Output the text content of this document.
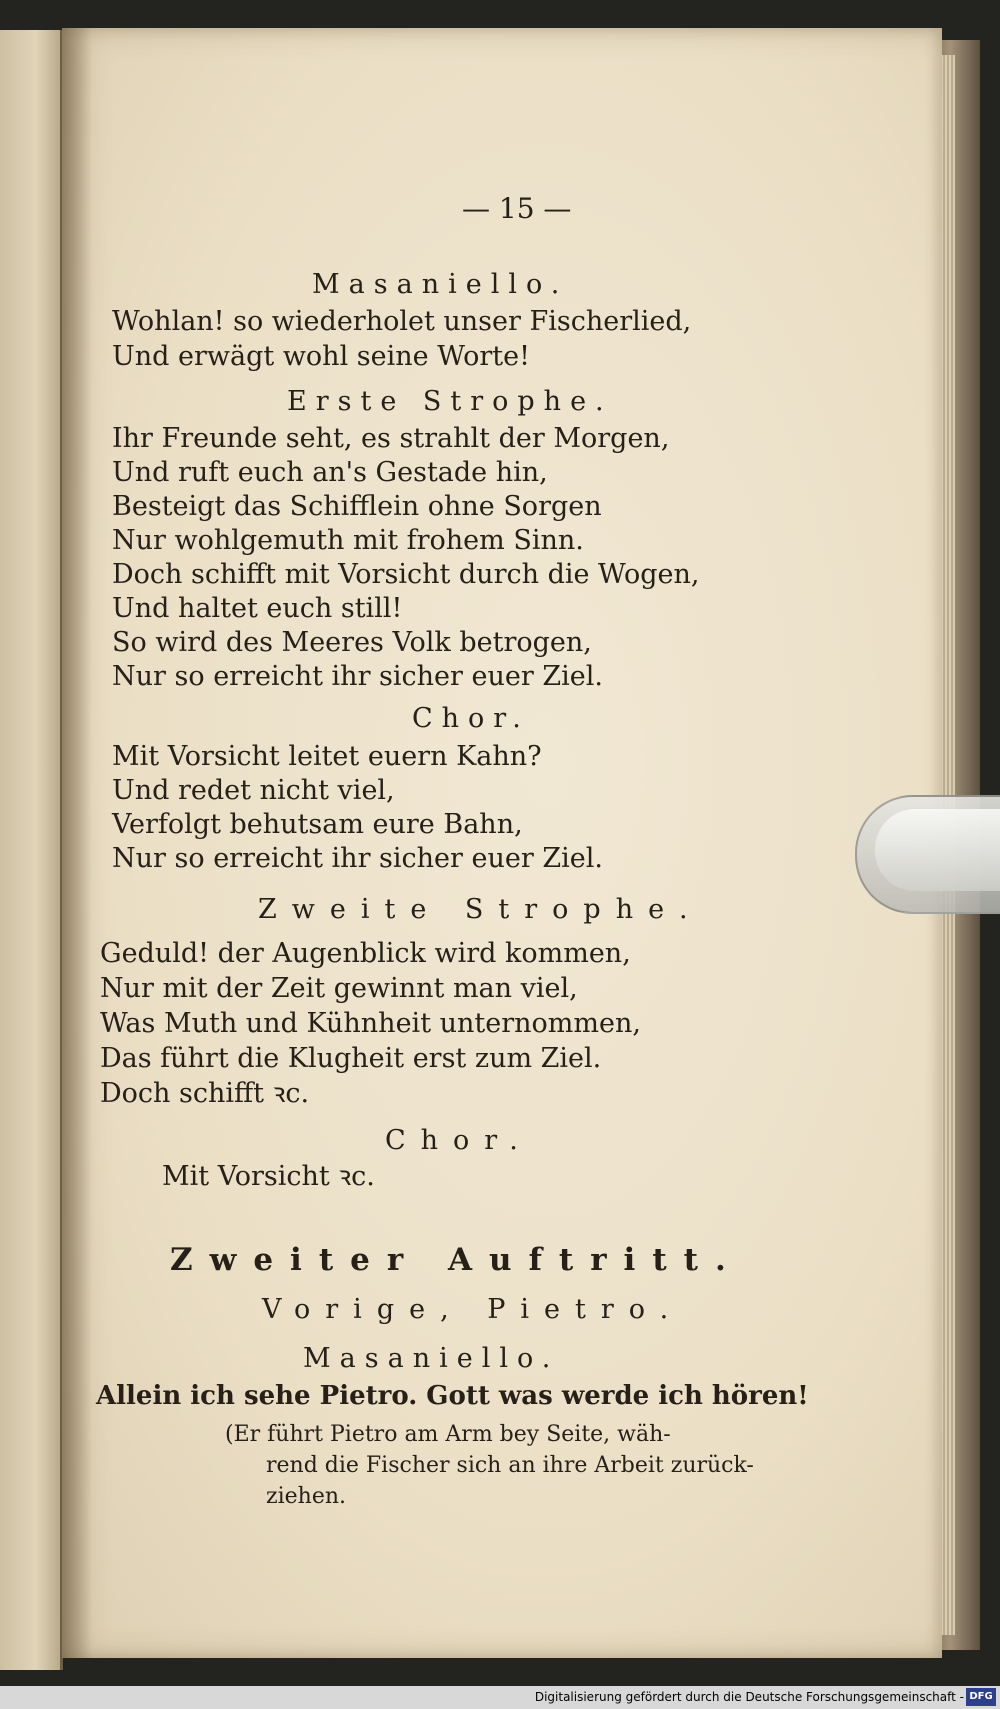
— 15 —
Masaniello.
Wohlan! so wiederholet unser Fischerlied,
Und erwägt wohl seine Worte!
Erste Strophe.
Ihr Freunde seht, es strahlt der Morgen,
Und ruft euch an's Gestade hin,
Besteigt das Schifflein ohne Sorgen
Nur wohlgemuth mit frohem Sinn.
Doch schifft mit Vorsicht durch die Wogen,
Und haltet euch still!
So wird des Meeres Volk betrogen,
Nur so erreicht ihr sicher euer Ziel.
Chor.
Mit Vorsicht leitet euern Kahn?
Und redet nicht viel,
Verfolgt behutsam eure Bahn,
Nur so erreicht ihr sicher euer Ziel.
Zweite Strophe.
Geduld! der Augenblick wird kommen,
Nur mit der Zeit gewinnt man viel,
Was Muth und Kühnheit unternommen,
Das führt die Klugheit erst zum Ziel.
Doch schifft ꝛc.
Chor.
Mit Vorsicht ꝛc.
Zweiter Auftritt.
Vorige, Pietro.
Masaniello.
Allein ich sehe Pietro. Gott was werde ich hören!
(Er führt Pietro am Arm bey Seite, wäh-
rend die Fischer sich an ihre Arbeit zurück-
ziehen.
Digitalisierung gefördert durch die Deutsche Forschungsgemeinschaft - DFG
